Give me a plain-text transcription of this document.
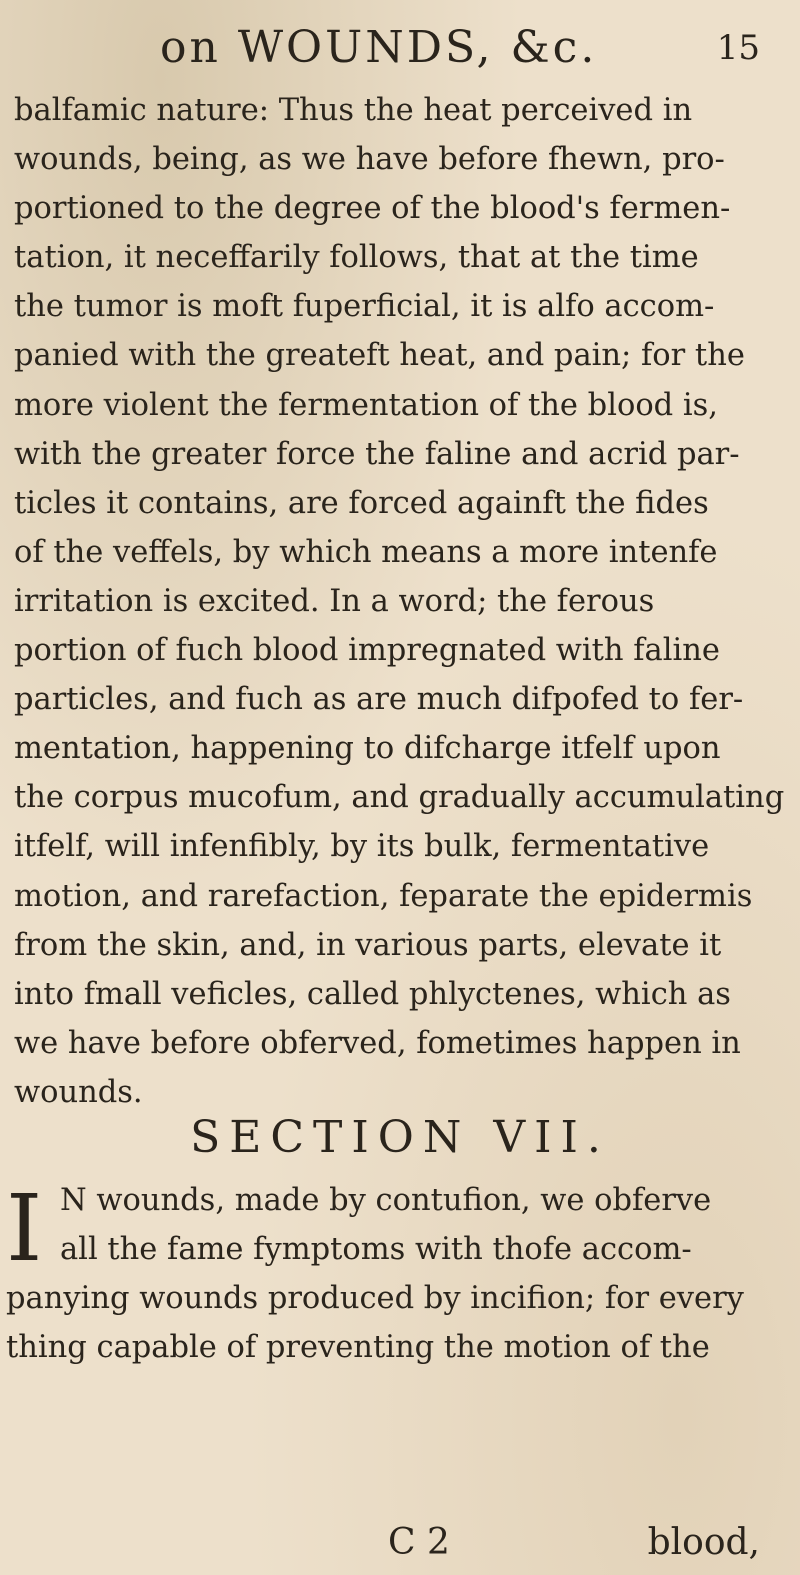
on WOUNDS, &c.	15
balfamic nature: Thus the heat perceived in
wounds, being, as we have before fhewn, pro-
portioned to the degree of the blood's fermen-
tation, it neceffarily follows, that at the time
the tumor is moft fuperficial, it is alfo accom-
panied with the greateft heat, and pain; for the
more violent the fermentation of the blood is,
with the greater force the faline and acrid par-
ticles it contains, are forced againft the fides
of the veffels, by which means a more intenfe
irritation is excited. In a word; the ferous
portion of fuch blood impregnated with faline
particles, and fuch as are much difpofed to fer-
mentation, happening to difcharge itfelf upon
the corpus mucofum, and gradually accumulating
itfelf, will infenfibly, by its bulk, fermentative
motion, and rarefaction, feparate the epidermis
from the skin, and, in various parts, elevate it
into fmall veficles, called phlyctenes, which as
we have before obferved, fometimes happen in
wounds.
SECTION VII.
I N wounds, made by contufion, we obferve
all the fame fymptoms with thofe accom-
panying wounds produced by incifion; for every
thing capable of preventing the motion of the
C 2	blood,
